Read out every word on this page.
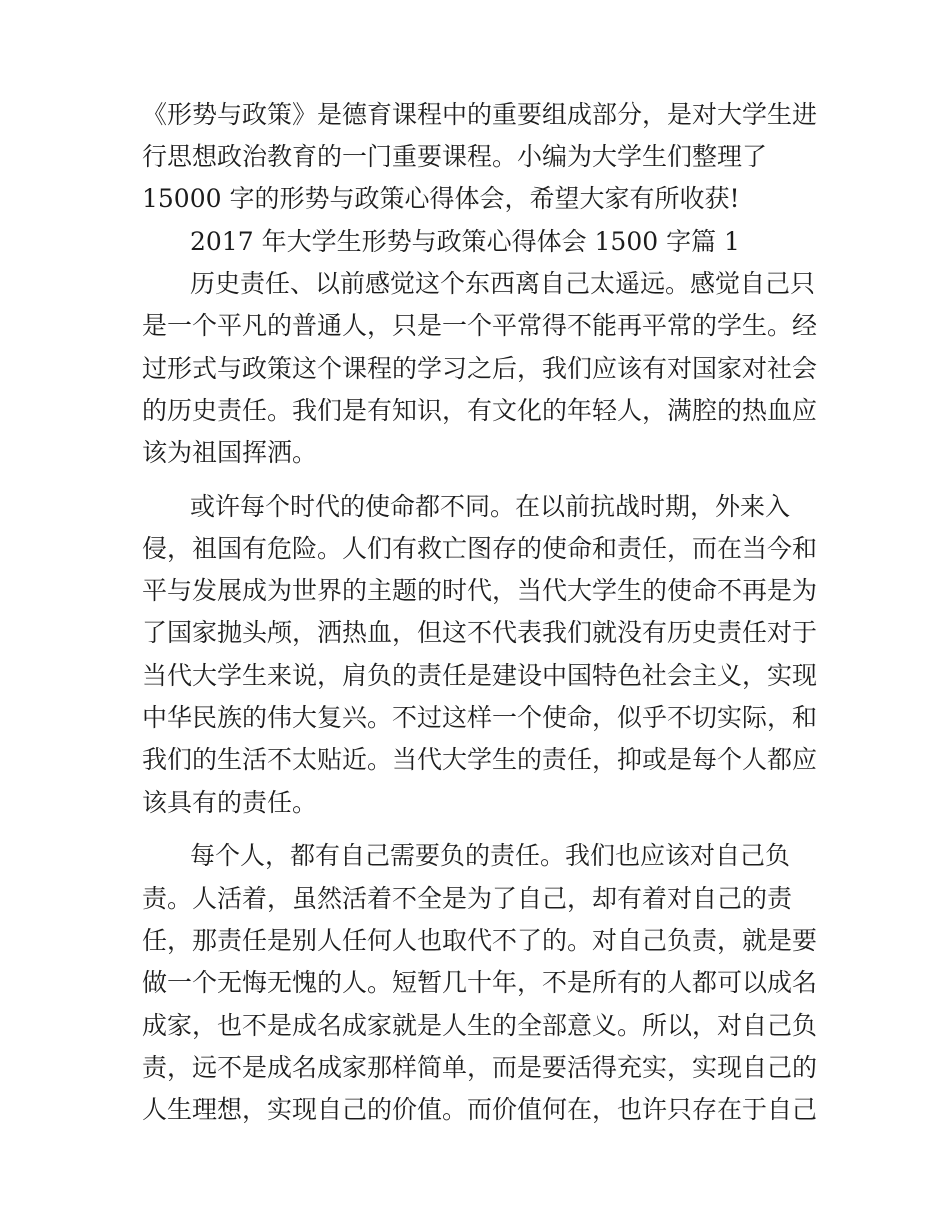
《形势与政策》是德育课程中的重要组成部分，是对大学生进
行思想政治教育的一门重要课程。小编为大学生们整理了
15000 字的形势与政策心得体会，希望大家有所收获!
2017 年大学生形势与政策心得体会 1500 字篇 1
历史责任、以前感觉这个东西离自己太遥远。感觉自己只
是一个平凡的普通人，只是一个平常得不能再平常的学生。经
过形式与政策这个课程的学习之后，我们应该有对国家对社会
的历史责任。我们是有知识，有文化的年轻人，满腔的热血应
该为祖国挥洒。
或许每个时代的使命都不同。在以前抗战时期，外来入
侵，祖国有危险。人们有救亡图存的使命和责任，而在当今和
平与发展成为世界的主题的时代，当代大学生的使命不再是为
了国家抛头颅，洒热血，但这不代表我们就没有历史责任对于
当代大学生来说，肩负的责任是建设中国特色社会主义，实现
中华民族的伟大复兴。不过这样一个使命，似乎不切实际，和
我们的生活不太贴近。当代大学生的责任，抑或是每个人都应
该具有的责任。
每个人，都有自己需要负的责任。我们也应该对自己负
责。人活着，虽然活着不全是为了自己，却有着对自己的责
任，那责任是别人任何人也取代不了的。对自己负责，就是要
做一个无悔无愧的人。短暂几十年，不是所有的人都可以成名
成家，也不是成名成家就是人生的全部意义。所以，对自己负
责，远不是成名成家那样简单，而是要活得充实，实现自己的
人生理想，实现自己的价值。而价值何在，也许只存在于自己
